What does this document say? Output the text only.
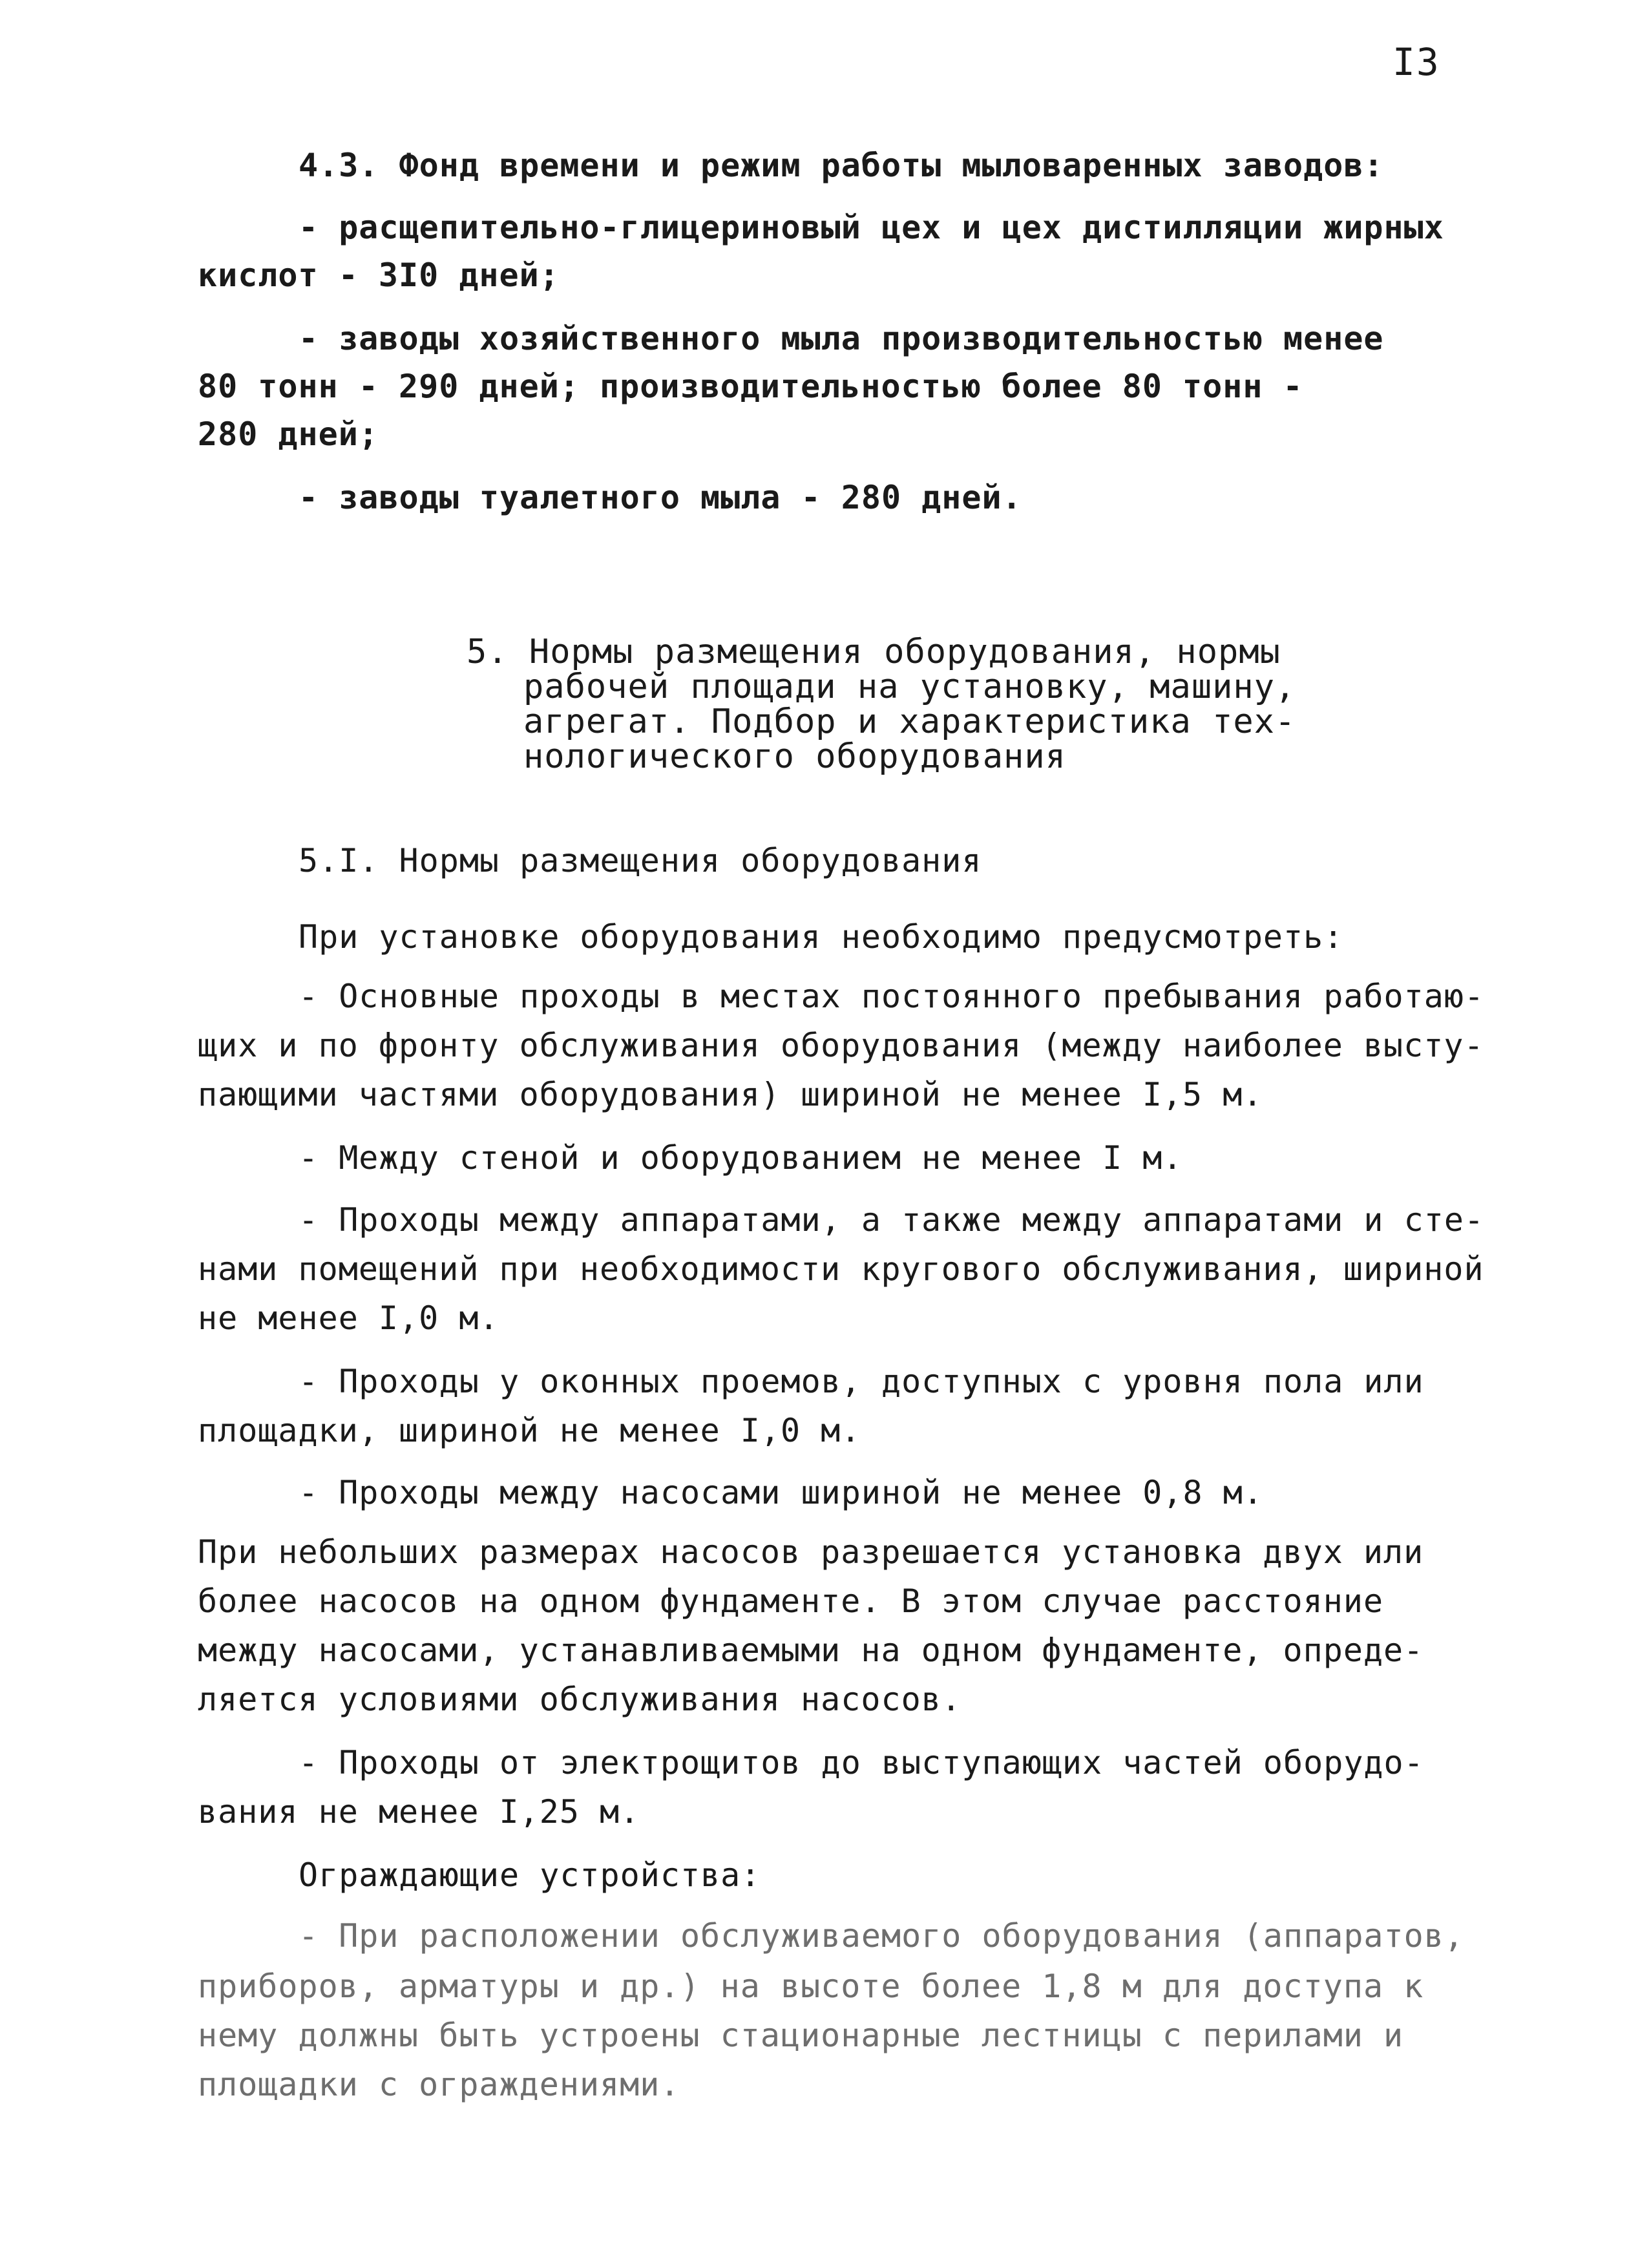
I3
4.3. Фонд времени и режим работы мыловаренных заводов:
- расщепительно-глицериновый цех и цех дистилляции жирных
кислот - 3I0 дней;
- заводы хозяйственного мыла производительностью менее
80 тонн - 290 дней; производительностью более 80 тонн -
280 дней;
- заводы туалетного мыла - 280 дней.
5. Нормы размещения оборудования, нормы
рабочей площади на установку, машину,
агрегат. Подбор и характеристика тех-
нологического оборудования
5.I. Нормы размещения оборудования
При установке оборудования необходимо предусмотреть:
- Основные проходы в местах постоянного пребывания работаю-
щих и по фронту обслуживания оборудования (между наиболее высту-
пающими частями оборудования) шириной не менее I,5 м.
- Между стеной и оборудованием не менее I м.
- Проходы между аппаратами, а также между аппаратами и сте-
нами помещений при необходимости кругового обслуживания, шириной
не менее I,0 м.
- Проходы у оконных проемов, доступных с уровня пола или
площадки, шириной не менее I,0 м.
- Проходы между насосами шириной не менее 0,8 м.
При небольших размерах насосов разрешается установка двух или
более насосов на одном фундаменте. В этом случае расстояние
между насосами, устанавливаемыми на одном фундаменте, опреде-
ляется условиями обслуживания насосов.
- Проходы от электрощитов до выступающих частей оборудо-
вания не менее I,25 м.
Ограждающие устройства:
- При расположении обслуживаемого оборудования (аппаратов,
приборов, арматуры и др.) на высоте более 1,8 м для доступа к
нему должны быть устроены стационарные лестницы с перилами и
площадки с ограждениями.
